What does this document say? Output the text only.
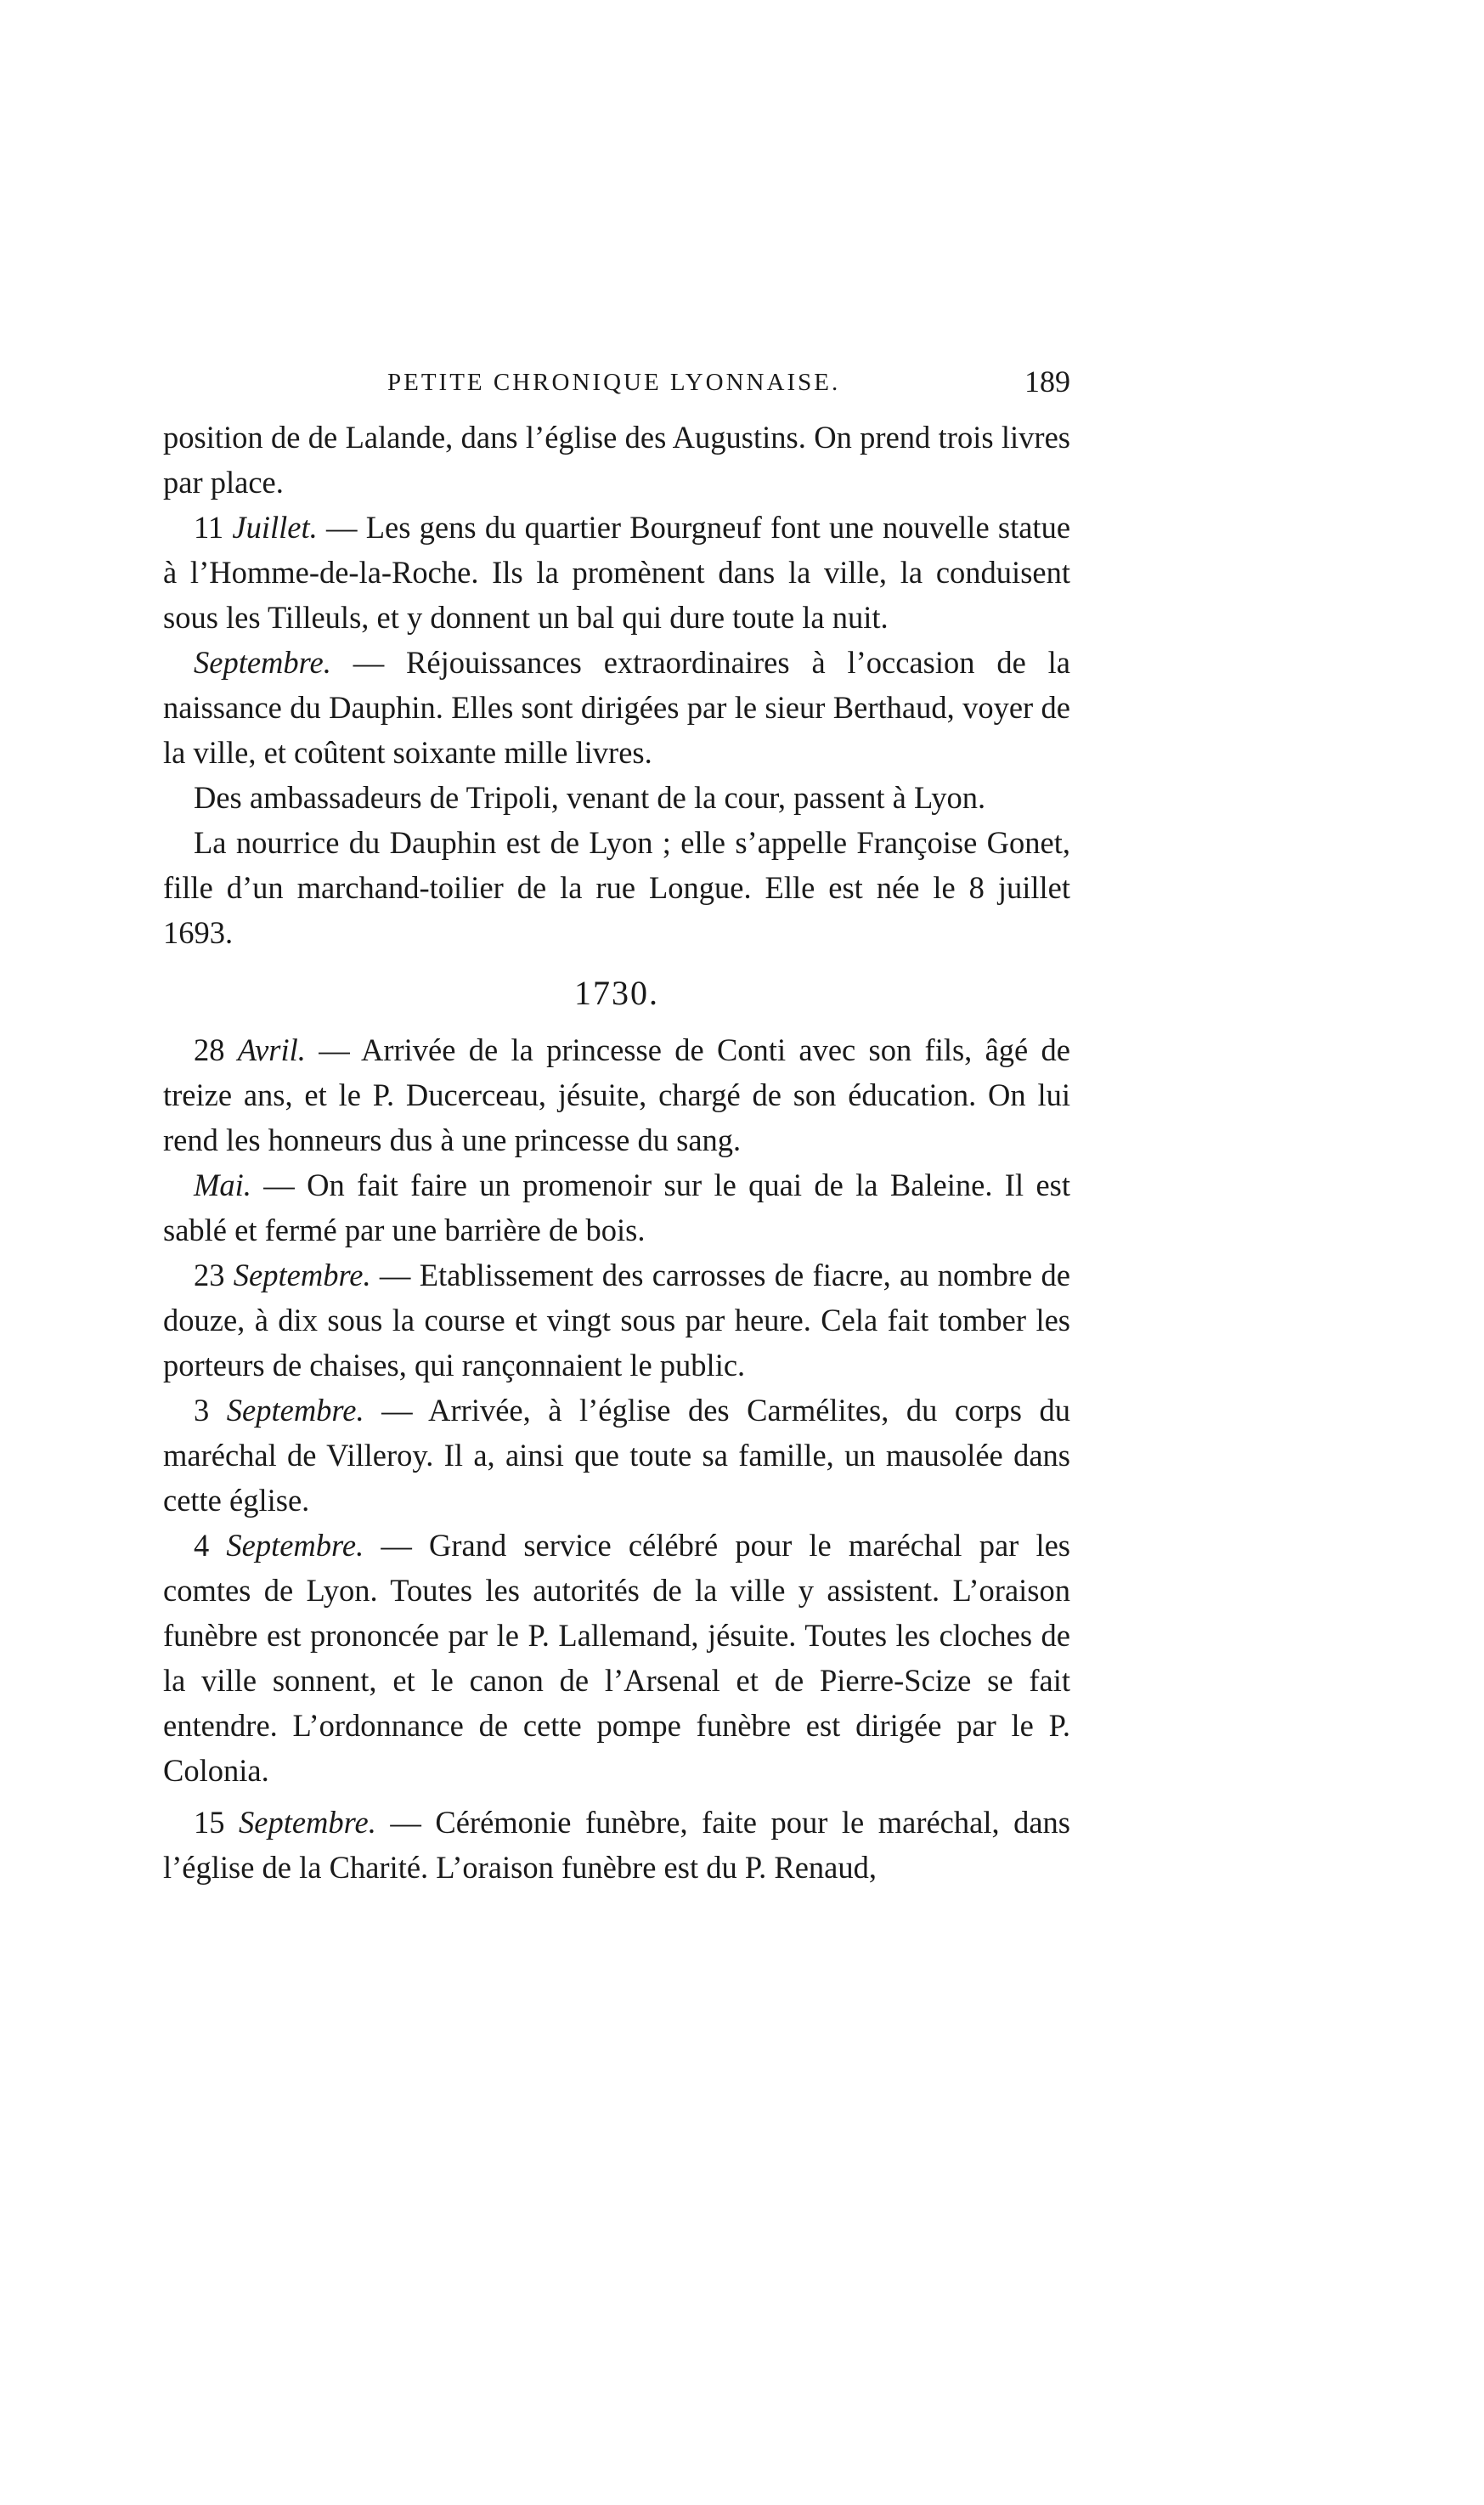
PETITE CHRONIQUE LYONNAISE.	189

position de de Lalande, dans l’église des Augustins. On prend trois livres par place.

11 Juillet. — Les gens du quartier Bourgneuf font une nouvelle statue à l’Homme-de-la-Roche. Ils la promènent dans la ville, la conduisent sous les Tilleuls, et y donnent un bal qui dure toute la nuit.

Septembre. — Réjouissances extraordinaires à l’occasion de la naissance du Dauphin. Elles sont dirigées par le sieur Berthaud, voyer de la ville, et coûtent soixante mille livres.

Des ambassadeurs de Tripoli, venant de la cour, passent à Lyon.

La nourrice du Dauphin est de Lyon ; elle s’appelle Françoise Gonet, fille d’un marchand-toilier de la rue Longue. Elle est née le 8 juillet 1693.

1730.

28 Avril. — Arrivée de la princesse de Conti avec son fils, âgé de treize ans, et le P. Ducerceau, jésuite, chargé de son éducation. On lui rend les honneurs dus à une princesse du sang.

Mai. — On fait faire un promenoir sur le quai de la Baleine. Il est sablé et fermé par une barrière de bois.

23 Septembre. — Etablissement des carrosses de fiacre, au nombre de douze, à dix sous la course et vingt sous par heure. Cela fait tomber les porteurs de chaises, qui rançonnaient le public.

3 Septembre. — Arrivée, à l’église des Carmélites, du corps du maréchal de Villeroy. Il a, ainsi que toute sa famille, un mausolée dans cette église.

4 Septembre. — Grand service célébré pour le maréchal par les comtes de Lyon. Toutes les autorités de la ville y assistent. L’oraison funèbre est prononcée par le P. Lallemand, jésuite. Toutes les cloches de la ville sonnent, et le canon de l’Arsenal et de Pierre-Scize se fait entendre. L’ordonnance de cette pompe funèbre est dirigée par le P. Colonia.

15 Septembre. — Cérémonie funèbre, faite pour le maréchal, dans l’église de la Charité. L’oraison funèbre est du P. Renaud,
